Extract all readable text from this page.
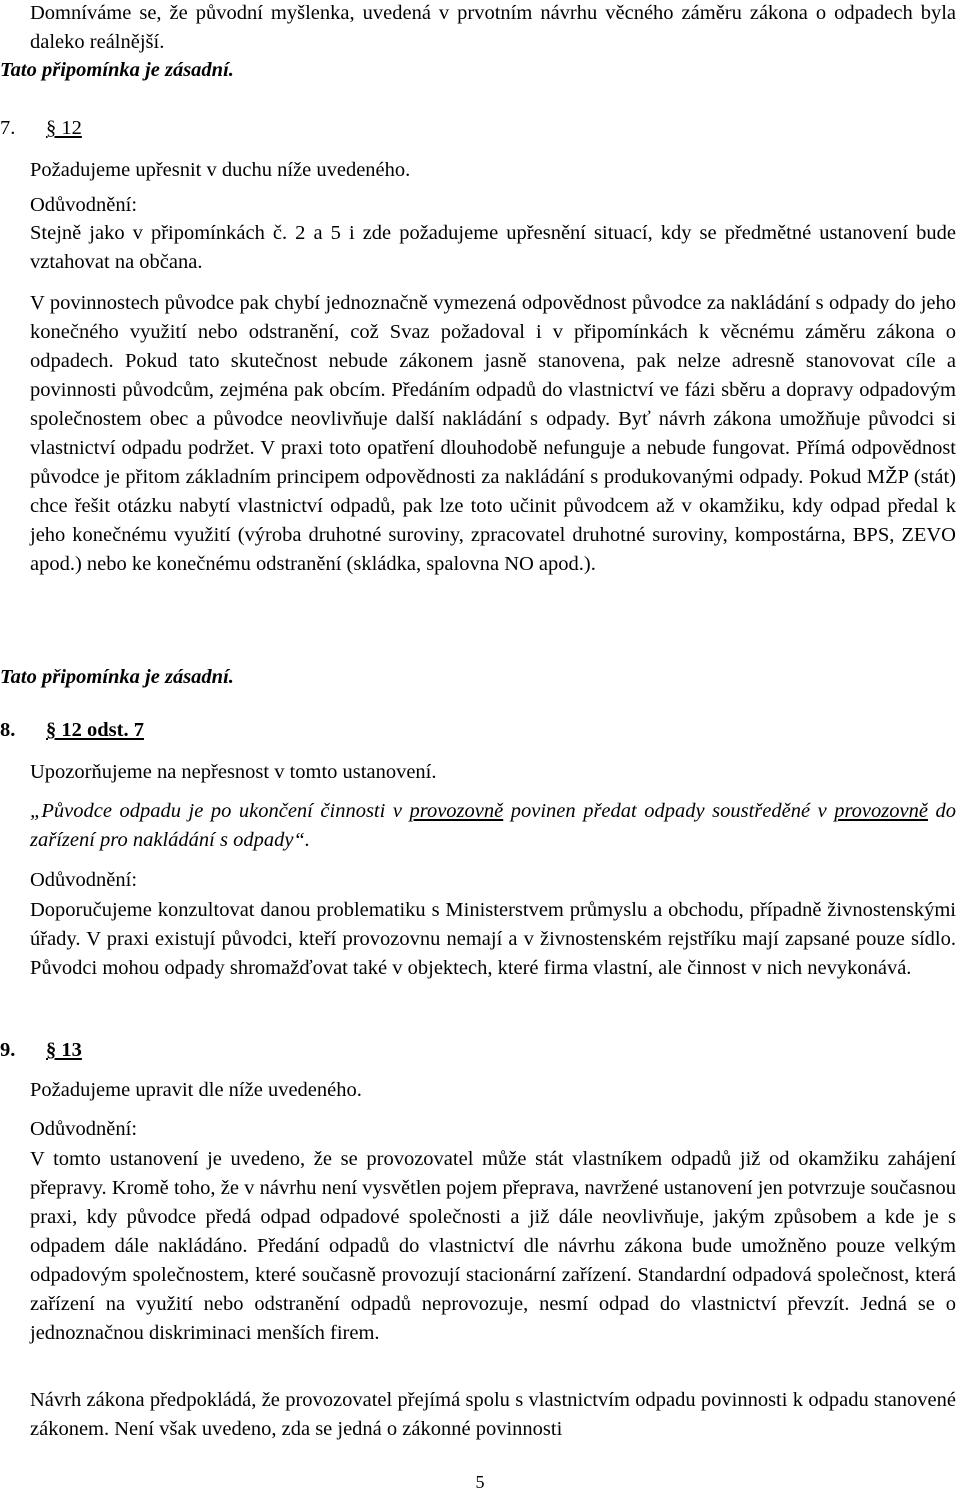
Domníváme se, že původní myšlenka, uvedená v prvotním návrhu věcného záměru zákona o odpadech byla daleko reálnější.

Tato připomínka je zásadní.

7. § 12

Požadujeme upřesnit v duchu níže uvedeného.

Odůvodnění:

Stejně jako v připomínkách č. 2 a 5 i zde požadujeme upřesnění situací, kdy se předmětné ustanovení bude vztahovat na občana.

V povinnostech původce pak chybí jednoznačně vymezená odpovědnost původce za nakládání s odpady do jeho konečného využití nebo odstranění, což Svaz požadoval i v připomínkách k věcnému záměru zákona o odpadech. Pokud tato skutečnost nebude zákonem jasně stanovena, pak nelze adresně stanovovat cíle a povinnosti původcům, zejména pak obcím. Předáním odpadů do vlastnictví ve fázi sběru a dopravy odpadovým společnostem obec a původce neovlivňuje další nakládání s odpady. Byť návrh zákona umožňuje původci si vlastnictví odpadu podržet. V praxi toto opatření dlouhodobě nefunguje a nebude fungovat. Přímá odpovědnost původce je přitom základním principem odpovědnosti za nakládání s produkovanými odpady. Pokud MŽP (stát) chce řešit otázku nabytí vlastnictví odpadů, pak lze toto učinit původcem až v okamžiku, kdy odpad předal k jeho konečnému využití (výroba druhotné suroviny, zpracovatel druhotné suroviny, kompostárna, BPS, ZEVO apod.) nebo ke konečnému odstranění (skládka, spalovna NO apod.).

Tato připomínka je zásadní.

8. § 12 odst. 7

Upozorňujeme na nepřesnost v tomto ustanovení.

„Původce odpadu je po ukončení činnosti v provozovně povinen předat odpady soustředěné v provozovně do zařízení pro nakládání s odpady“.

Odůvodnění:

Doporučujeme konzultovat danou problematiku s Ministerstvem průmyslu a obchodu, případně živnostenskými úřady. V praxi existují původci, kteří provozovnu nemají a v živnostenském rejstříku mají zapsané pouze sídlo. Původci mohou odpady shromažďovat také v objektech, které firma vlastní, ale činnost v nich nevykonává.

9. § 13

Požadujeme upravit dle níže uvedeného.

Odůvodnění:

V tomto ustanovení je uvedeno, že se provozovatel může stát vlastníkem odpadů již od okamžiku zahájení přepravy. Kromě toho, že v návrhu není vysvětlen pojem přeprava, navržené ustanovení jen potvrzuje současnou praxi, kdy původce předá odpad odpadové společnosti a již dále neovlivňuje, jakým způsobem a kde je s odpadem dále nakládáno. Předání odpadů do vlastnictví dle návrhu zákona bude umožněno pouze velkým odpadovým společnostem, které současně provozují stacionární zařízení. Standardní odpadová společnost, která zařízení na využití nebo odstranění odpadů neprovozuje, nesmí odpad do vlastnictví převzít. Jedná se o jednoznačnou diskriminaci menších firem.

Návrh zákona předpokládá, že provozovatel přejímá spolu s vlastnictvím odpadu povinnosti k odpadu stanovené zákonem. Není však uvedeno, zda se jedná o zákonné povinnosti

5
